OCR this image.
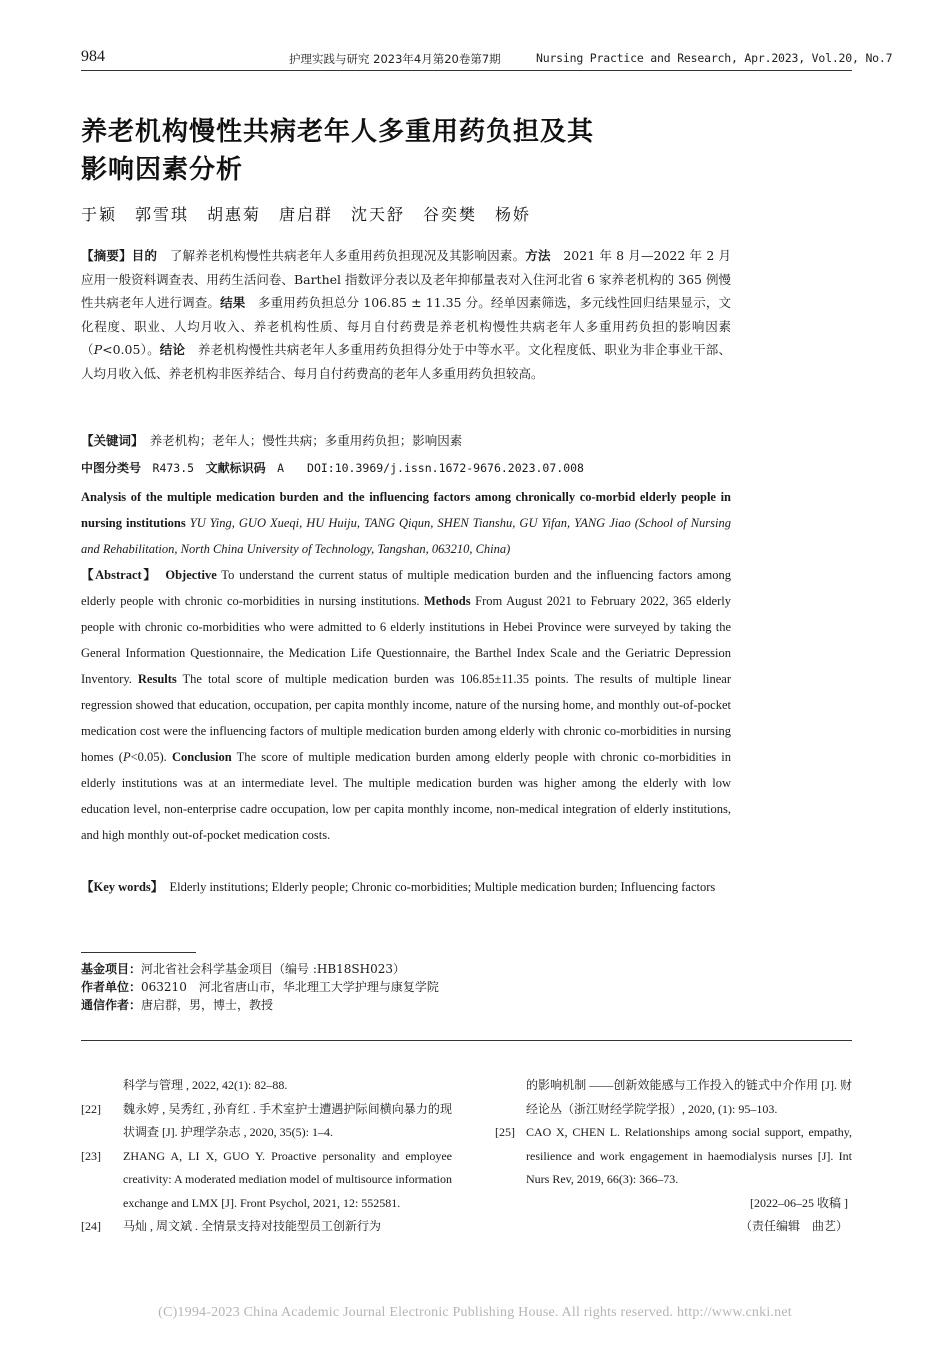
984	护理实践与研究 2023年4月第20卷第7期	Nursing Practice and Research, Apr.2023, Vol.20, No.7
养老机构慢性共病老年人多重用药负担及其
影响因素分析
于颖　郭雪琪　胡惠菊　唐启群　沈天舒　谷奕樊　杨娇
【摘要】目的　了解养老机构慢性共病老年人多重用药负担现况及其影响因素。方法　2021 年 8 月—2022 年 2 月应用一般资料调查表、用药生活问卷、Barthel 指数评分表以及老年抑郁量表对入住河北省 6 家养老机构的 365 例慢性共病老年人进行调查。结果　多重用药负担总分 106.85 ± 11.35 分。经单因素筛选，多元线性回归结果显示，文化程度、职业、人均月收入、养老机构性质、每月自付药费是养老机构慢性共病老年人多重用药负担的影响因素（P<0.05）。结论　养老机构慢性共病老年人多重用药负担得分处于中等水平。文化程度低、职业为非企事业干部、人均月收入低、养老机构非医养结合、每月自付药费高的老年人多重用药负担较高。
【关键词】　养老机构；老年人；慢性共病；多重用药负担；影响因素
中图分类号　R473.5　文献标识码　A　　DOI:10.3969/j.issn.1672-9676.2023.07.008
Analysis of the multiple medication burden and the influencing factors among chronically co-morbid elderly people in nursing institutions YU Ying, GUO Xueqi, HU Huiju, TANG Qiqun, SHEN Tianshu, GU Yifan, YANG Jiao (School of Nursing and Rehabilitation, North China University of Technology, Tangshan, 063210, China)
【Abstract】　 Objective To understand the current status of multiple medication burden and the influencing factors among elderly people with chronic co-morbidities in nursing institutions. Methods From August 2021 to February 2022, 365 elderly people with chronic co-morbidities who were admitted to 6 elderly institutions in Hebei Province were surveyed by taking the General Information Questionnaire, the Medication Life Questionnaire, the Barthel Index Scale and the Geriatric Depression Inventory. Results The total score of multiple medication burden was 106.85±11.35 points. The results of multiple linear regression showed that education, occupation, per capita monthly income, nature of the nursing home, and monthly out-of-pocket medication cost were the influencing factors of multiple medication burden among elderly with chronic co-morbidities in nursing homes (P<0.05). Conclusion The score of multiple medication burden among elderly people with chronic co-morbidities in elderly institutions was at an intermediate level. The multiple medication burden was higher among the elderly with low education level, non-enterprise cadre occupation, low per capita monthly income, non-medical integration of elderly institutions, and high monthly out-of-pocket medication costs.
【Key words】　Elderly institutions; Elderly people; Chronic co-morbidities; Multiple medication burden; Influencing factors
基金项目：河北省社会科学基金项目（编号 :HB18SH023）
作者单位：063210　河北省唐山市，华北理工大学护理与康复学院
通信作者：唐启群，男，博士，教授
科学与管理 , 2022, 42(1): 82–88.
[22]	魏永婷 , 吴秀红 , 孙育红 . 手术室护士遭遇护际间横向暴力的现状调查 [J]. 护理学杂志 , 2020, 35(5): 1–4.
[23]	ZHANG A, LI X, GUO Y. Proactive personality and employee creativity: A moderated mediation model of multisource information exchange and LMX [J]. Front Psychol, 2021, 12: 552581.
[24]	马灿 , 周文斌 . 全情景支持对技能型员工创新行为
的影响机制 ——创新效能感与工作投入的链式中介作用 [J]. 财经论丛（浙江财经学院学报）, 2020, (1): 95–103.
[25] CAO X, CHEN L. Relationships among social support, empathy, resilience and work engagement in haemodialysis nurses [J]. Int Nurs Rev, 2019, 66(3): 366–73.
[2022–06–25 收稿 ]
（责任编辑　曲艺）
(C)1994-2023 China Academic Journal Electronic Publishing House. All rights reserved. http://www.cnki.net
